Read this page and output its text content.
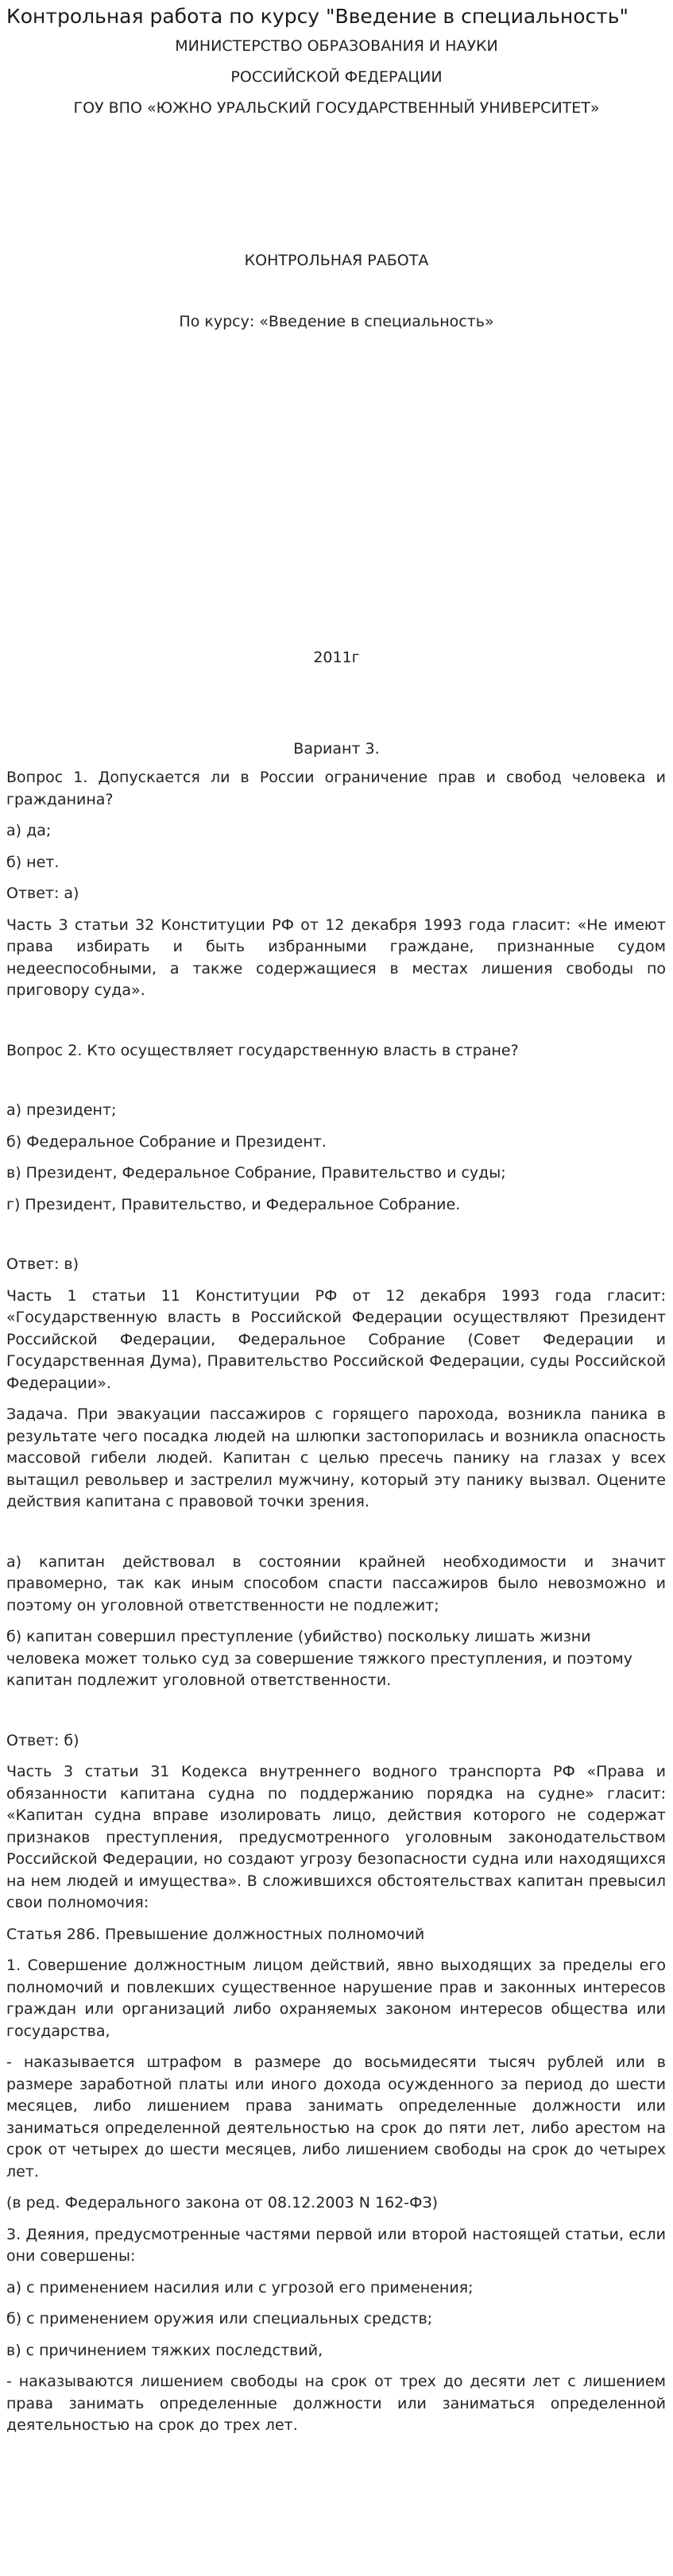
Контрольная работа по курсу "Введение в специальность"
МИНИСТЕРСТВО ОБРАЗОВАНИЯ И НАУКИ
РОССИЙСКОЙ ФЕДЕРАЦИИ
ГОУ ВПО «ЮЖНО УРАЛЬСКИЙ ГОСУДАРСТВЕННЫЙ УНИВЕРСИТЕТ»
КОНТРОЛЬНАЯ РАБОТА
По курсу: «Введение в специальность»
2011г
Вариант 3.

Вопрос 1. Допускается ли в России ограничение прав и свобод человека и гражданина?

а) да;

б) нет.

Ответ: а)

Часть 3 статьи 32 Конституции РФ от 12 декабря 1993 года гласит: «Не имеют права избирать и быть избранными граждане, признанные судом недееспособными, а также содержащиеся в местах лишения свободы по приговору суда».

Вопрос 2. Кто осуществляет государственную власть в стране?

а) президент;

б) Федеральное Собрание и Президент.

в) Президент, Федеральное Собрание, Правительство и суды;

г) Президент, Правительство, и Федеральное Собрание.

Ответ: в)

Часть 1 статьи 11 Конституции РФ от 12 декабря 1993 года гласит: «Государственную власть в Российской Федерации осуществляют Президент Российской Федерации, Федеральное Собрание (Совет Федерации и Государственная Дума), Правительство Российской Федерации, суды Российской Федерации».

Задача. При эвакуации пассажиров с горящего парохода, возникла паника в результате чего посадка людей на шлюпки застопорилась и возникла опасность массовой гибели людей. Капитан с целью пресечь панику на глазах у всех вытащил револьвер и застрелил мужчину, который эту панику вызвал. Оцените действия капитана с правовой точки зрения.

а) капитан действовал в состоянии крайней необходимости и значит правомерно, так как иным способом спасти пассажиров было невозможно и поэтому он уголовной ответственности не подлежит;

б) капитан совершил преступление (убийство) поскольку лишать жизни человека может только суд за совершение тяжкого преступления, и поэтому капитан подлежит уголовной ответственности.

Ответ: б)

Часть 3 статьи 31 Кодекса внутреннего водного транспорта РФ «Права и обязанности капитана судна по поддержанию порядка на судне» гласит: «Капитан судна вправе изолировать лицо, действия которого не содержат признаков преступления, предусмотренного уголовным законодательством Российской Федерации, но создают угрозу безопасности судна или находящихся на нем людей и имущества». В сложившихся обстоятельствах капитан превысил свои полномочия:

Статья 286. Превышение должностных полномочий

1. Совершение должностным лицом действий, явно выходящих за пределы его полномочий и повлекших существенное нарушение прав и законных интересов граждан или организаций либо охраняемых законом интересов общества или государства,

- наказывается штрафом в размере до восьмидесяти тысяч рублей или в размере заработной платы или иного дохода осужденного за период до шести месяцев, либо лишением права занимать определенные должности или заниматься определенной деятельностью на срок до пяти лет, либо арестом на срок от четырех до шести месяцев, либо лишением свободы на срок до четырех лет.

(в ред. Федерального закона от 08.12.2003 N 162-ФЗ)

3. Деяния, предусмотренные частями первой или второй настоящей статьи, если они совершены:

а) с применением насилия или с угрозой его применения;

б) с применением оружия или специальных средств;

в) с причинением тяжких последствий,

- наказываются лишением свободы на срок от трех до десяти лет с лишением права занимать определенные должности или заниматься определенной деятельностью на срок до трех лет.
